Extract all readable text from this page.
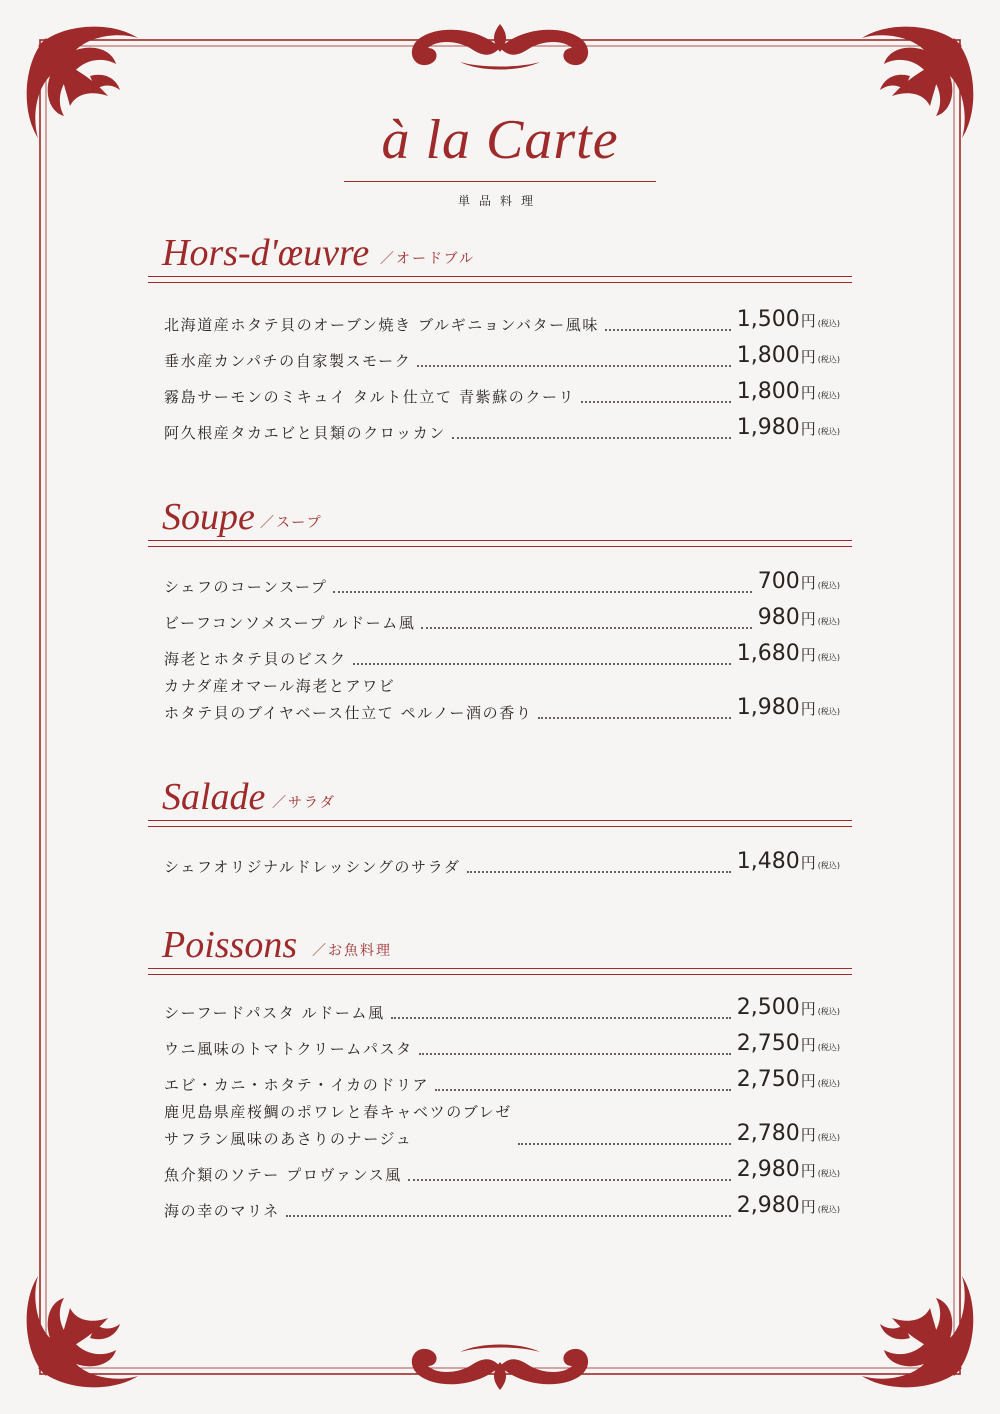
à la Carte
単品料理
Hors-d'œuvre ／オードブル
北海道産ホタテ貝のオーブン焼き ブルギニョンバター風味	1,500円 (税込)
垂水産カンパチの自家製スモーク	1,800円 (税込)
霧島サーモンのミキュイ タルト仕立て 青紫蘇のクーリ	1,800円 (税込)
阿久根産タカエビと貝類のクロッカン	1,980円 (税込)
Soupe ／スープ
シェフのコーンスープ	700円 (税込)
ビーフコンソメスープ ルドーム風	980円 (税込)
海老とホタテ貝のビスク	1,680円 (税込)
カナダ産オマール海老とアワビ
ホタテ貝のブイヤベース仕立て ペルノー酒の香り	1,980円 (税込)
Salade ／サラダ
シェフオリジナルドレッシングのサラダ	1,480円 (税込)
Poissons ／お魚料理
シーフードパスタ ルドーム風	2,500円 (税込)
ウニ風味のトマトクリームパスタ	2,750円 (税込)
エビ・カニ・ホタテ・イカのドリア	2,750円 (税込)
鹿児島県産桜鯛のポワレと春キャベツのブレゼ
サフラン風味のあさりのナージュ	2,780円 (税込)
魚介類のソテー プロヴァンス風	2,980円 (税込)
海の幸のマリネ	2,980円 (税込)
